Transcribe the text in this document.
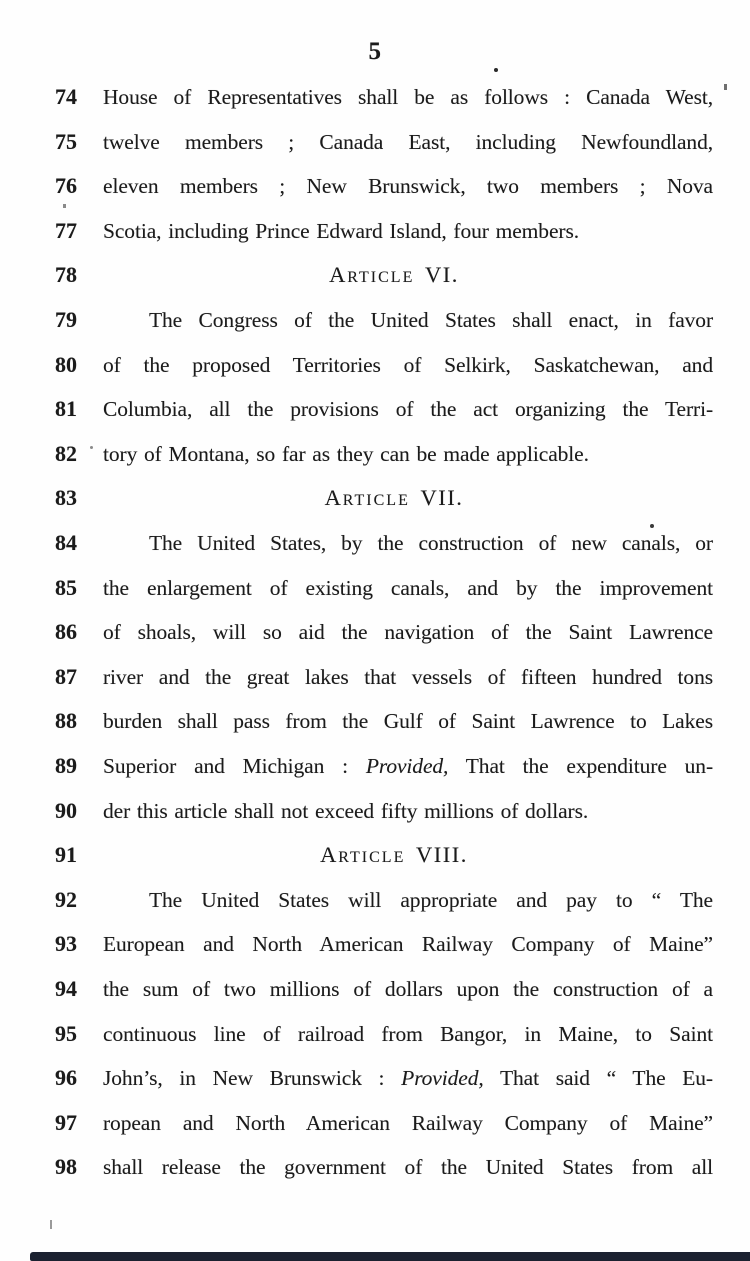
5
74	House of Representatives shall be as follows : Canada West,
75	twelve members ; Canada East, including Newfoundland,
76	eleven members ; New Brunswick, two members ; Nova
77	Scotia, including Prince Edward Island, four members.
78	Article VI.
79	The Congress of the United States shall enact, in favor
80	of the proposed Territories of Selkirk, Saskatchewan, and
81	Columbia, all the provisions of the act organizing the Terri-
82	tory of Montana, so far as they can be made applicable.
83	Article VII.
84	The United States, by the construction of new canals, or
85	the enlargement of existing canals, and by the improvement
86	of shoals, will so aid the navigation of the Saint Lawrence
87	river and the great lakes that vessels of fifteen hundred tons
88	burden shall pass from the Gulf of Saint Lawrence to Lakes
89	Superior and Michigan : Provided, That the expenditure un-
90	der this article shall not exceed fifty millions of dollars.
91	Article VIII.
92	The United States will appropriate and pay to “ The
93	European and North American Railway Company of Maine”
94	the sum of two millions of dollars upon the construction of a
95	continuous line of railroad from Bangor, in Maine, to Saint
96	John’s, in New Brunswick : Provided, That said “ The Eu-
97	ropean and North American Railway Company of Maine”
98	shall release the government of the United States from all
